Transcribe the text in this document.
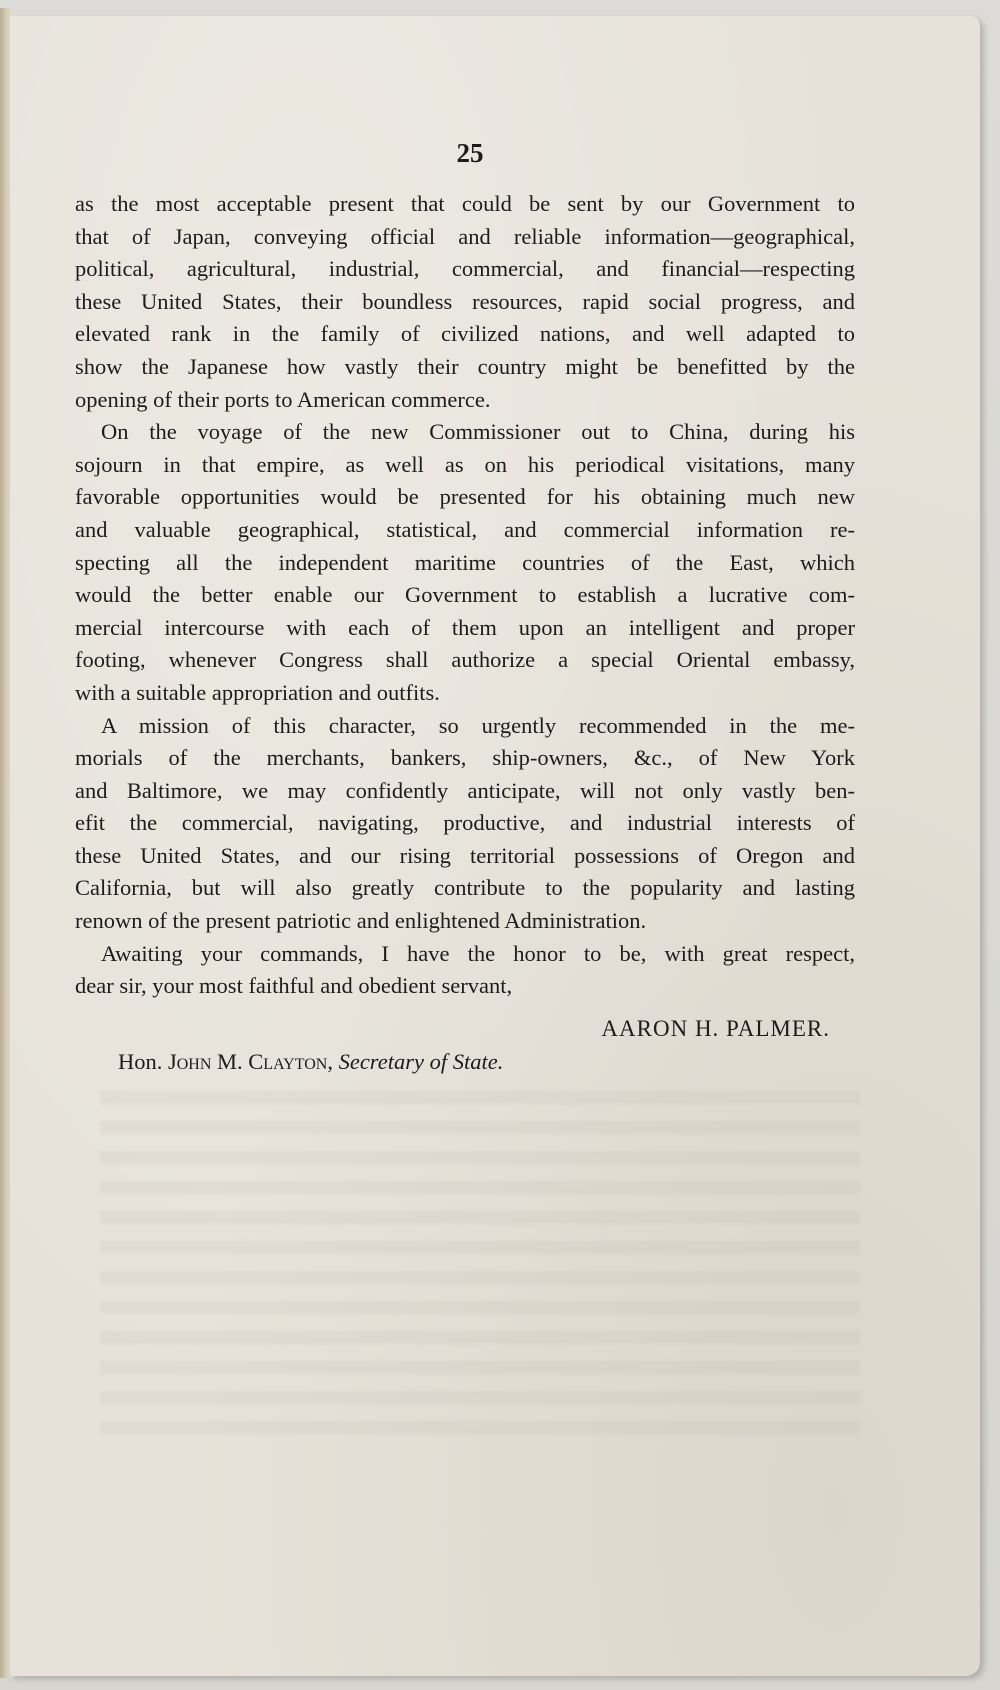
25
as the most acceptable present that could be sent by our Government to
that of Japan, conveying official and reliable information—geographical,
political, agricultural, industrial, commercial, and financial—respecting
these United States, their boundless resources, rapid social progress, and
elevated rank in the family of civilized nations, and well adapted to
show the Japanese how vastly their country might be benefitted by the
opening of their ports to American commerce.
On the voyage of the new Commissioner out to China, during his
sojourn in that empire, as well as on his periodical visitations, many
favorable opportunities would be presented for his obtaining much new
and valuable geographical, statistical, and commercial information re-
specting all the independent maritime countries of the East, which
would the better enable our Government to establish a lucrative com-
mercial intercourse with each of them upon an intelligent and proper
footing, whenever Congress shall authorize a special Oriental embassy,
with a suitable appropriation and outfits.
A mission of this character, so urgently recommended in the me-
morials of the merchants, bankers, ship-owners, &c., of New York
and Baltimore, we may confidently anticipate, will not only vastly ben-
efit the commercial, navigating, productive, and industrial interests of
these United States, and our rising territorial possessions of Oregon and
California, but will also greatly contribute to the popularity and lasting
renown of the present patriotic and enlightened Administration.
Awaiting your commands, I have the honor to be, with great respect,
dear sir, your most faithful and obedient servant,
AARON H. PALMER.
Hon. John M. Clayton, Secretary of State.
